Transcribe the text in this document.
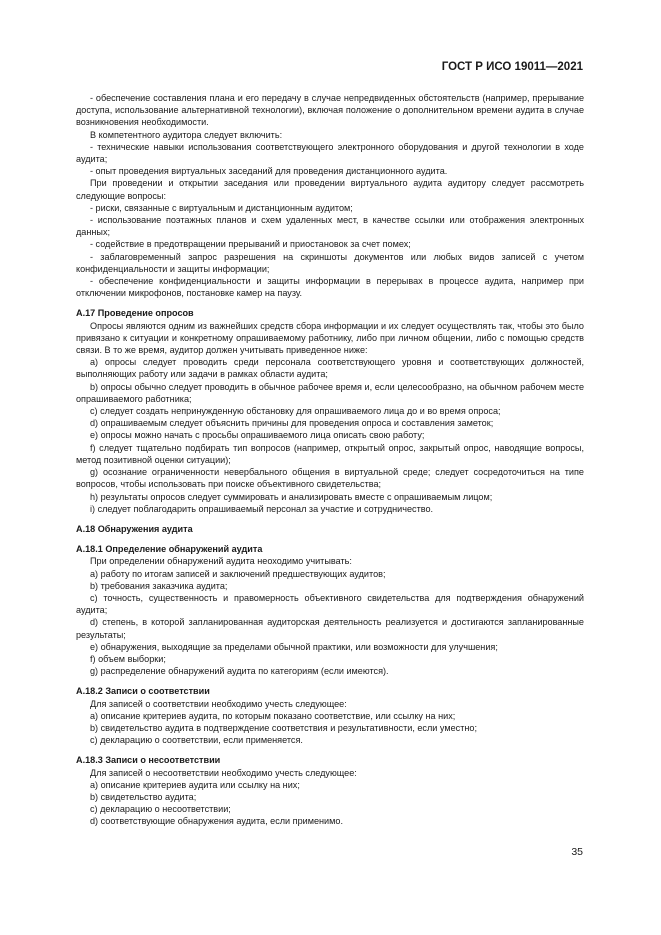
ГОСТ Р ИСО 19011—2021
- обеспечение составления плана и его передачу в случае непредвиденных обстоятельств (например, прерывание доступа, использование альтернативной технологии), включая положение о дополнительном времени аудита в случае возникновения необходимости.
В компетентного аудитора следует включить:
- технические навыки использования соответствующего электронного оборудования и другой технологии в ходе аудита;
- опыт проведения виртуальных заседаний для проведения дистанционного аудита.
При проведении и открытии заседания или проведении виртуального аудита аудитору следует рассмотреть следующие вопросы:
- риски, связанные с виртуальным и дистанционным аудитом;
- использование поэтажных планов и схем удаленных мест, в качестве ссылки или отображения электронных данных;
- содействие в предотвращении прерываний и приостановок за счет помех;
- заблаговременный запрос разрешения на скриншоты документов или любых видов записей с учетом конфиденциальности и защиты информации;
- обеспечение конфиденциальности и защиты информации в перерывах в процессе аудита, например при отключении микрофонов, постановке камер на паузу.
A.17 Проведение опросов
Опросы являются одним из важнейших средств сбора информации и их следует осуществлять так, чтобы это было привязано к ситуации и конкретному опрашиваемому работнику, либо при личном общении, либо с помощью средств связи. В то же время, аудитор должен учитывать приведенное ниже:
a) опросы следует проводить среди персонала соответствующего уровня и соответствующих должностей, выполняющих работу или задачи в рамках области аудита;
b) опросы обычно следует проводить в обычное рабочее время и, если целесообразно, на обычном рабочем месте опрашиваемого работника;
c) следует создать непринужденную обстановку для опрашиваемого лица до и во время опроса;
d) опрашиваемым следует объяснить причины для проведения опроса и составления заметок;
e) опросы можно начать с просьбы опрашиваемого лица описать свою работу;
f) следует тщательно подбирать тип вопросов (например, открытый опрос, закрытый опрос, наводящие вопросы, метод позитивной оценки ситуации);
g) осознание ограниченности невербального общения в виртуальной среде; следует сосредоточиться на типе вопросов, чтобы использовать при поиске объективного свидетельства;
h) результаты опросов следует суммировать и анализировать вместе с опрашиваемым лицом;
i) следует поблагодарить опрашиваемый персонал за участие и сотрудничество.
A.18 Обнаружения аудита
A.18.1 Определение обнаружений аудита
При определении обнаружений аудита неоходимо учитывать:
a) работу по итогам записей и заключений предшествующих аудитов;
b) требования заказчика аудита;
c) точность, существенность и правомерность объективного свидетельства для подтверждения обнаружений аудита;
d) степень, в которой запланированная аудиторская деятельность реализуется и достигаются запланированные результаты;
e) обнаружения, выходящие за пределами обычной практики, или возможности для улучшения;
f) объем выборки;
g) распределение обнаружений аудита по категориям (если имеются).
A.18.2 Записи о соответствии
Для записей о соответствии необходимо учесть следующее:
a) описание критериев аудита, по которым показано соответствие, или ссылку на них;
b) свидетельство аудита в подтверждение соответствия и результативности, если уместно;
c) декларацию о соответствии, если применяется.
A.18.3 Записи о несоответствии
Для записей о несоответствии необходимо учесть следующее:
a) описание критериев аудита или ссылку на них;
b) свидетельство аудита;
c) декларацию о несоответствии;
d) соответствующие обнаружения аудита, если применимо.
35
